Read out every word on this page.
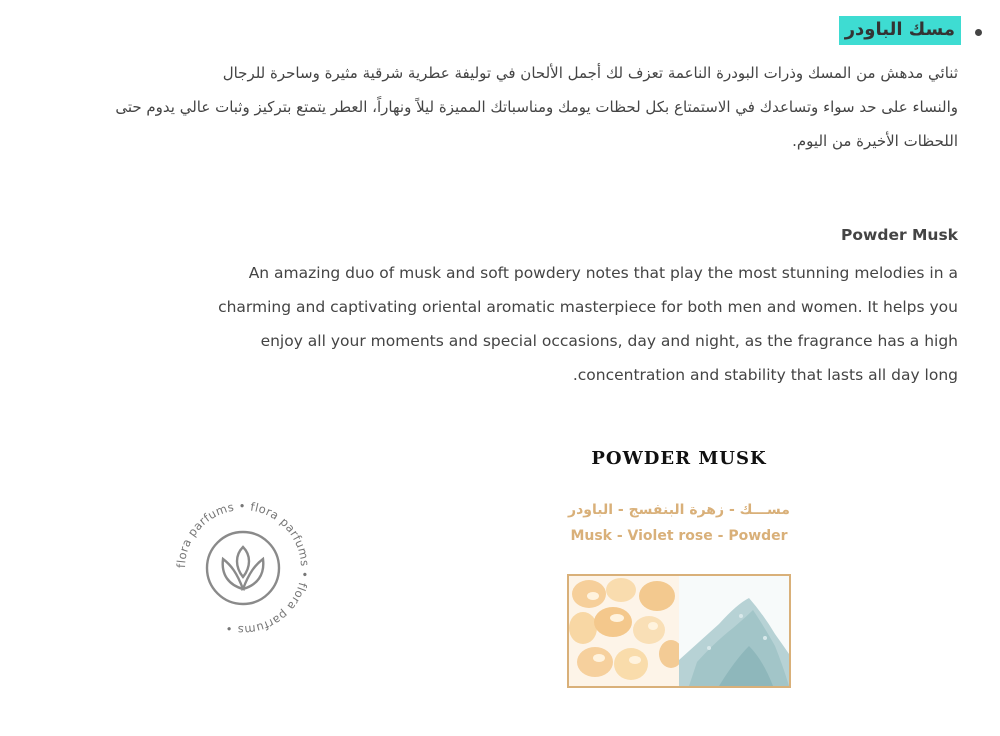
مسك الباودر

ثنائي مدهش من المسك وذرات البودرة الناعمة تعزف لك أجمل الألحان في توليفة عطرية شرقية مثيرة وساحرة للرجال

والنساء على حد سواء وتساعدك في الاستمتاع بكل لحظات يومك ومناسباتك المميزة ليلاً ونهاراً، العطر يتمتع بتركيز وثبات عالي يدوم حتى اللحظات الأخيرة من اليوم.

Powder Musk

An amazing duo of musk and soft powdery notes that play the most stunning melodies in a

charming and captivating oriental aromatic masterpiece for both men and women. It helps you

enjoy all your moments and special occasions, day and night, as the fragrance has a high

.concentration and stability that lasts all day long

POWDER MUSK
مســـك - زهرة البنفسج - الباودر
Musk - Violet rose - Powder
flora parfums • flora parfums • flora parfums •
